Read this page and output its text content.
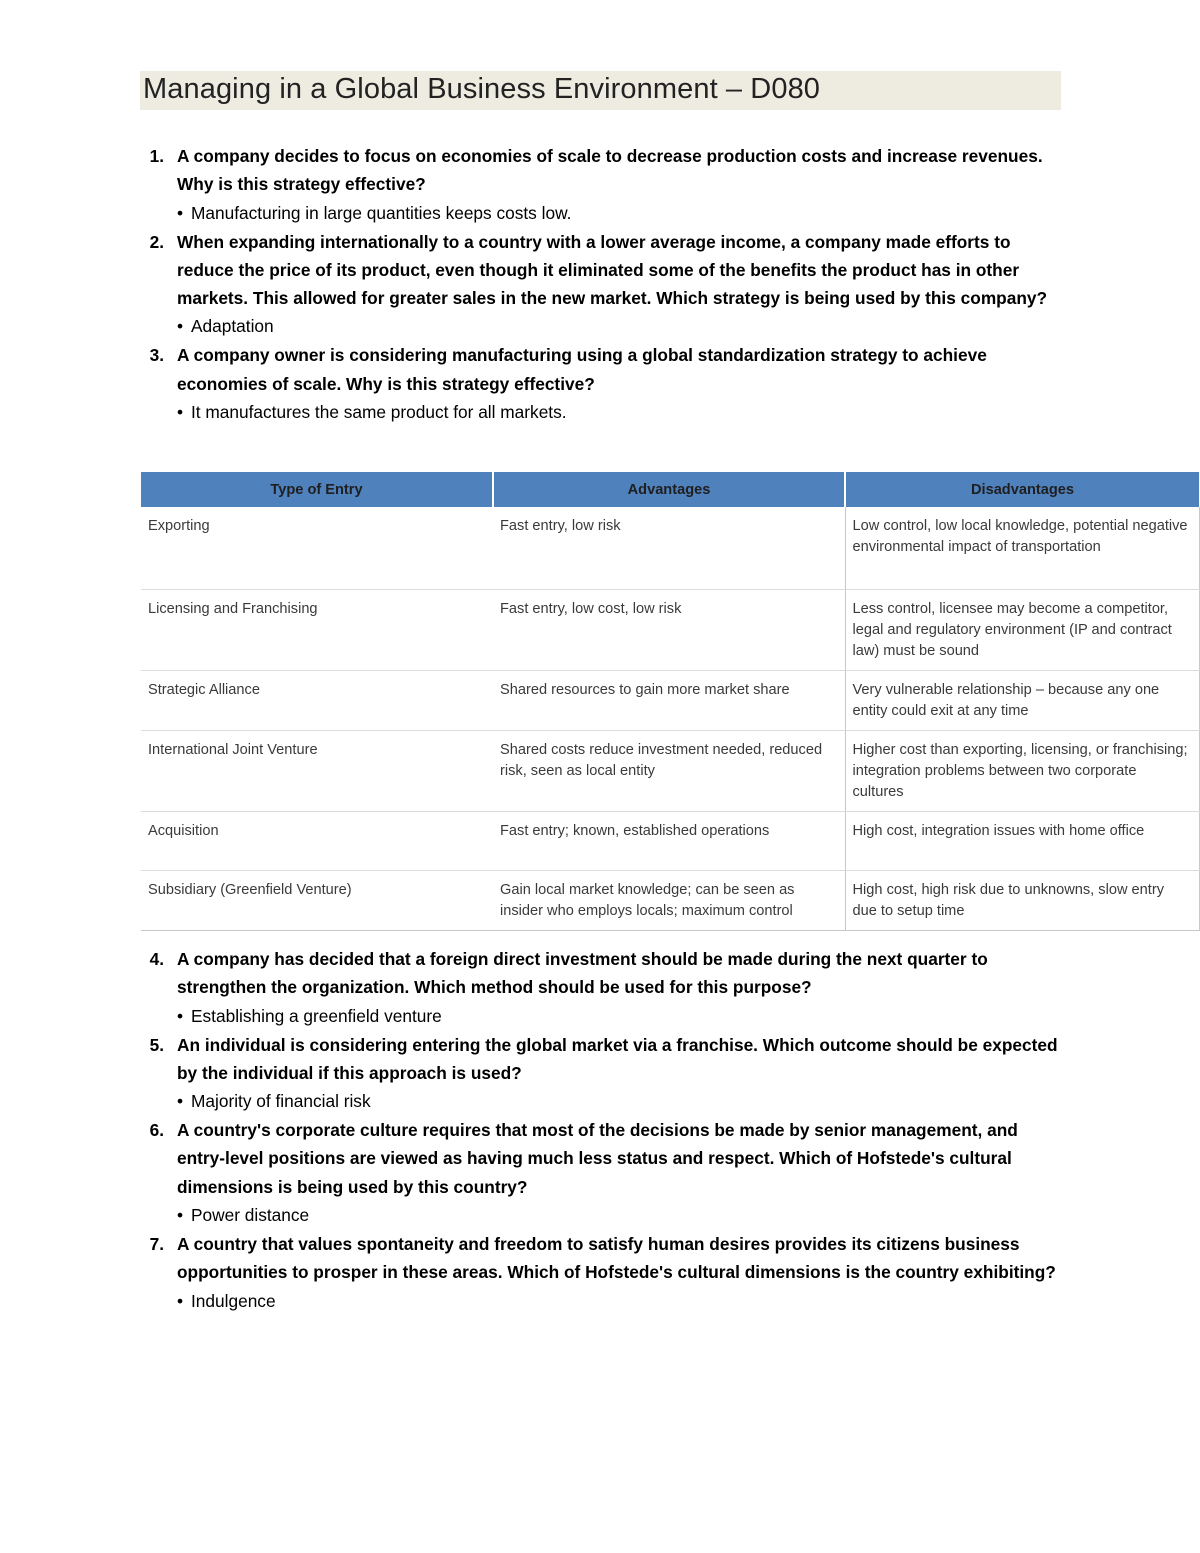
Managing in a Global Business Environment – D080
1. A company decides to focus on economies of scale to decrease production costs and increase revenues. Why is this strategy effective?
• Manufacturing in large quantities keeps costs low.
2. When expanding internationally to a country with a lower average income, a company made efforts to reduce the price of its product, even though it eliminated some of the benefits the product has in other markets. This allowed for greater sales in the new market. Which strategy is being used by this company?
• Adaptation
3. A company owner is considering manufacturing using a global standardization strategy to achieve economies of scale. Why is this strategy effective?
• It manufactures the same product for all markets.
Type of Entry	Advantages	Disadvantages
Exporting	Fast entry, low risk	Low control, low local knowledge, potential negative environmental impact of transportation
Licensing and Franchising	Fast entry, low cost, low risk	Less control, licensee may become a competitor, legal and regulatory environment (IP and contract law) must be sound
Strategic Alliance	Shared resources to gain more market share	Very vulnerable relationship – because any one entity could exit at any time
International Joint Venture	Shared costs reduce investment needed, reduced risk, seen as local entity	Higher cost than exporting, licensing, or franchising; integration problems between two corporate cultures
Acquisition	Fast entry; known, established operations	High cost, integration issues with home office
Subsidiary (Greenfield Venture)	Gain local market knowledge; can be seen as insider who employs locals; maximum control	High cost, high risk due to unknowns, slow entry due to setup time
4. A company has decided that a foreign direct investment should be made during the next quarter to strengthen the organization. Which method should be used for this purpose?
• Establishing a greenfield venture
5. An individual is considering entering the global market via a franchise. Which outcome should be expected by the individual if this approach is used?
• Majority of financial risk
6. A country's corporate culture requires that most of the decisions be made by senior management, and entry-level positions are viewed as having much less status and respect. Which of Hofstede's cultural dimensions is being used by this country?
• Power distance
7. A country that values spontaneity and freedom to satisfy human desires provides its citizens business opportunities to prosper in these areas. Which of Hofstede's cultural dimensions is the country exhibiting?
• Indulgence
